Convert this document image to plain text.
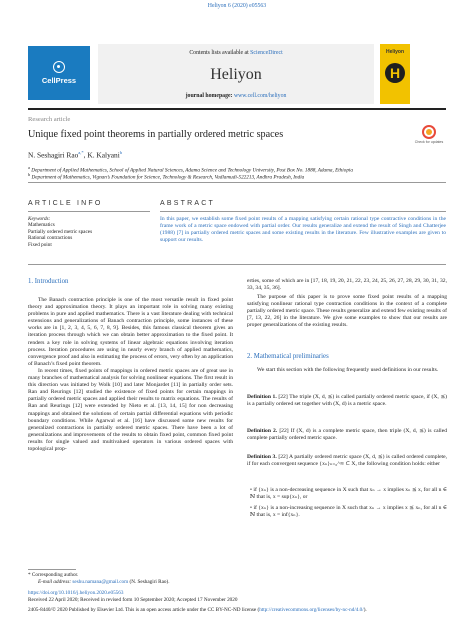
Heliyon 6 (2020) e05563
CellPress
Contents lists available at ScienceDirect
Heliyon
journal homepage: www.cell.com/heliyon
Heliyon
H
Research article
Unique fixed point theorems in partially ordered metric spaces
Check for updates
N. Seshagiri Rao$^{a,*}$, K. Kalyani$^b$
$^a$ Department of Applied Mathematics, School of Applied Natural Sciences, Adama Science and Technology University, Post Box No. 1888, Adama, Ethiopia
$^b$ Department of Mathematics, Vignan’s Foundation for Science, Technology & Research, Vadlamudi-522213, Andhra Pradesh, India
ARTICLE INFO	ABSTRACT
Keywords:
Mathematics
Partially ordered metric spaces
Rational contractions
Fixed point
In this paper, we establish some fixed point results of a mapping satisfying certain rational type contractive conditions in the frame work of a metric space endowed with partial order. Our results generalize and extend the result of Singh and Chatterjee (1988) [7] in partially ordered metric spaces and some existing results in the literature. Few illustrative examples are given to support our results.
1. Introduction

The Banach contraction principle is one of the most versatile result in fixed point theory and approximation theory. It plays an important role in solving many existing problems in pure and applied mathematics. There is a vast literature dealing with technical extensions and generalizations of Banach contraction principle, some instances of these works are in [1, 2, 3, 4, 5, 6, 7, 8, 9]. Besides, this famous classical theorem gives an iteration process through which we can obtain better approximation to the fixed point. It renders a key role in solving systems of linear algebraic equations involving iteration process. Iteration procedures are using in nearly every branch of applied mathematics, convergence proof and also in estimating the process of errors, very often by an application of Banach’s fixed point theorem.

In recent times, fixed points of mappings in ordered metric spaces are of great use in many branches of mathematical analysis for solving nonlinear equations. The first result in this direction was initiated by Wolk [10] and later Monjardet [11] in partially order sets. Ran and Reurings [12] studied the existence of fixed points for certain mappings in partially ordered metric spaces and applied their results to matrix equations. The results of Ran and Reurings [12] were extended by Nieto et al. [13, 14, 15] for non decreasing mappings and obtained the solutions of certain partial differential equations with periodic boundary conditions. While Agarwal et al. [16] have discussed some new results for generalized contractions in partially ordered metric spaces. There have been a lot of generalizations and improvements of the results to obtain fixed point, common fixed point results for single valued and multivalued operators in various ordered spaces with topological prop-

erties, some of which are in [17, 18, 19, 20, 21, 22, 23, 24, 25, 26, 27, 28, 29, 30, 31, 32, 33, 34, 35, 36].
The purpose of this paper is to prove some fixed point results of a mapping satisfying nonlinear rational type contraction conditions in the context of a complete partially ordered metric space. These results generalize and extend few existing results of [7, 13, 22, 26] in the literature. We give some examples to show that our results are proper generalizations of the existing results.
2. Mathematical preliminaries
We start this section with the following frequently used definitions in our results.
Definition 1. [22] The triple (X, d, ⪯) is called partially ordered metric space, if (X, ⪯) is a partially ordered set together with (X, d) is a metric space.
Definition 2. [22] If (X, d) is a complete metric space, then triple (X, d, ⪯) is called complete partially ordered metric space.
Definition 3. [22] A partially ordered metric space (X, d, ⪯) is called ordered complete, if for each convergent sequence {xₙ}ₙ₌₀^∞ ⊂ X, the following condition holds: either
• if {xₙ} is a non-decreasing sequence in X such that xₙ → x implies xₙ ⪯ x, for all n ∈ ℕ that is, x = sup{xₙ}, or
• if {xₙ} is a non-increasing sequence in X such that xₙ → x implies x ⪯ xₙ, for all n ∈ ℕ that is, x = inf{xₙ}.
* Corresponding author.
E-mail address: seshu.namana@gmail.com (N. Seshagiri Rao).
https://doi.org/10.1016/j.heliyon.2020.e05563
Received 22 April 2020; Received in revised form 10 September 2020; Accepted 17 November 2020
2405-8440/© 2020 Published by Elsevier Ltd. This is an open access article under the CC BY-NC-ND license (http://creativecommons.org/licenses/by-nc-nd/4.0/).
